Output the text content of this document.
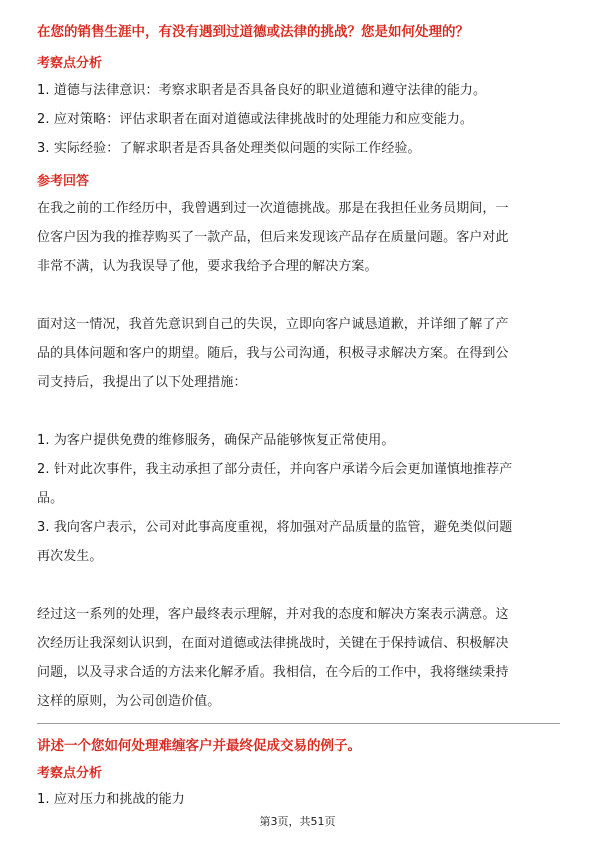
在您的销售生涯中，有没有遇到过道德或法律的挑战？您是如何处理的？
考察点分析
1. 道德与法律意识：考察求职者是否具备良好的职业道德和遵守法律的能力。
2. 应对策略：评估求职者在面对道德或法律挑战时的处理能力和应变能力。
3. 实际经验：了解求职者是否具备处理类似问题的实际工作经验。
参考回答
在我之前的工作经历中，我曾遇到过一次道德挑战。那是在我担任业务员期间，一
位客户因为我的推荐购买了一款产品，但后来发现该产品存在质量问题。客户对此
非常不满，认为我误导了他，要求我给予合理的解决方案。
面对这一情况，我首先意识到自己的失误，立即向客户诚恳道歉，并详细了解了产
品的具体问题和客户的期望。随后，我与公司沟通，积极寻求解决方案。在得到公
司支持后，我提出了以下处理措施：
1. 为客户提供免费的维修服务，确保产品能够恢复正常使用。
2. 针对此次事件，我主动承担了部分责任，并向客户承诺今后会更加谨慎地推荐产
品。
3. 我向客户表示，公司对此事高度重视，将加强对产品质量的监管，避免类似问题
再次发生。
经过这一系列的处理，客户最终表示理解，并对我的态度和解决方案表示满意。这
次经历让我深刻认识到，在面对道德或法律挑战时，关键在于保持诚信、积极解决
问题，以及寻求合适的方法来化解矛盾。我相信，在今后的工作中，我将继续秉持
这样的原则，为公司创造价值。
讲述一个您如何处理难缠客户并最终促成交易的例子。
考察点分析
1. 应对压力和挑战的能力
第3页，共51页
